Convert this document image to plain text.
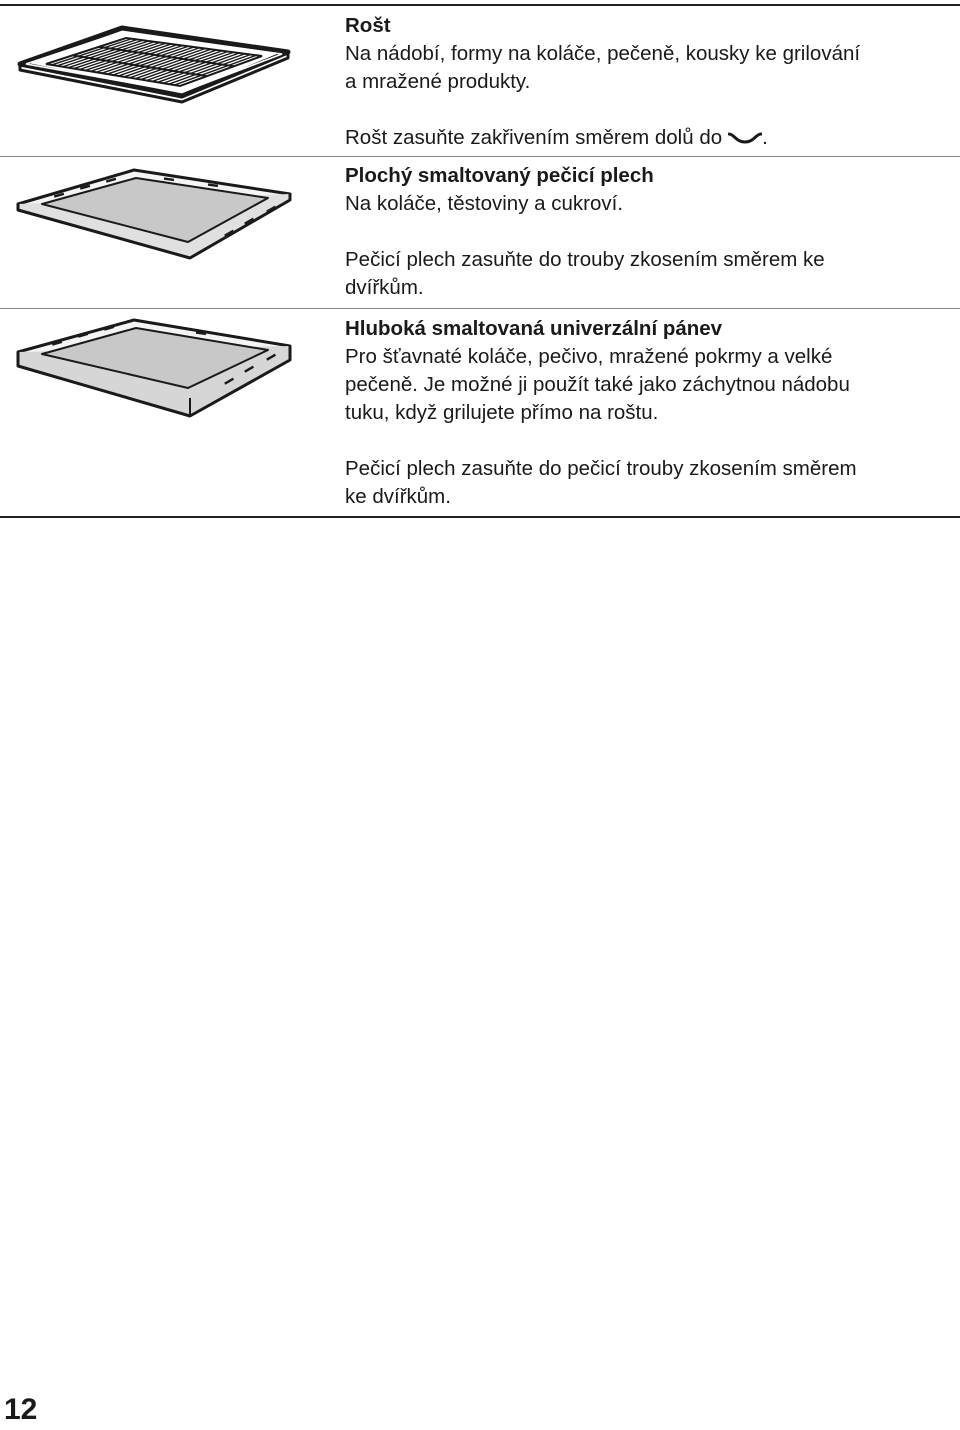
Rošt
Na nádobí, formy na koláče, pečeně, kousky ke grilování
a mražené produkty.
Rošt zasuňte zakřivením směrem dolů do .
Plochý smaltovaný pečicí plech
Na koláče, těstoviny a cukroví.
Pečicí plech zasuňte do trouby zkosením směrem ke
dvířkům.
Hluboká smaltovaná univerzální pánev
Pro šťavnaté koláče, pečivo, mražené pokrmy a velké
pečeně. Je možné ji použít také jako záchytnou nádobu
tuku, když grilujete přímo na roštu.
Pečicí plech zasuňte do pečicí trouby zkosením směrem
ke dvířkům.
12
